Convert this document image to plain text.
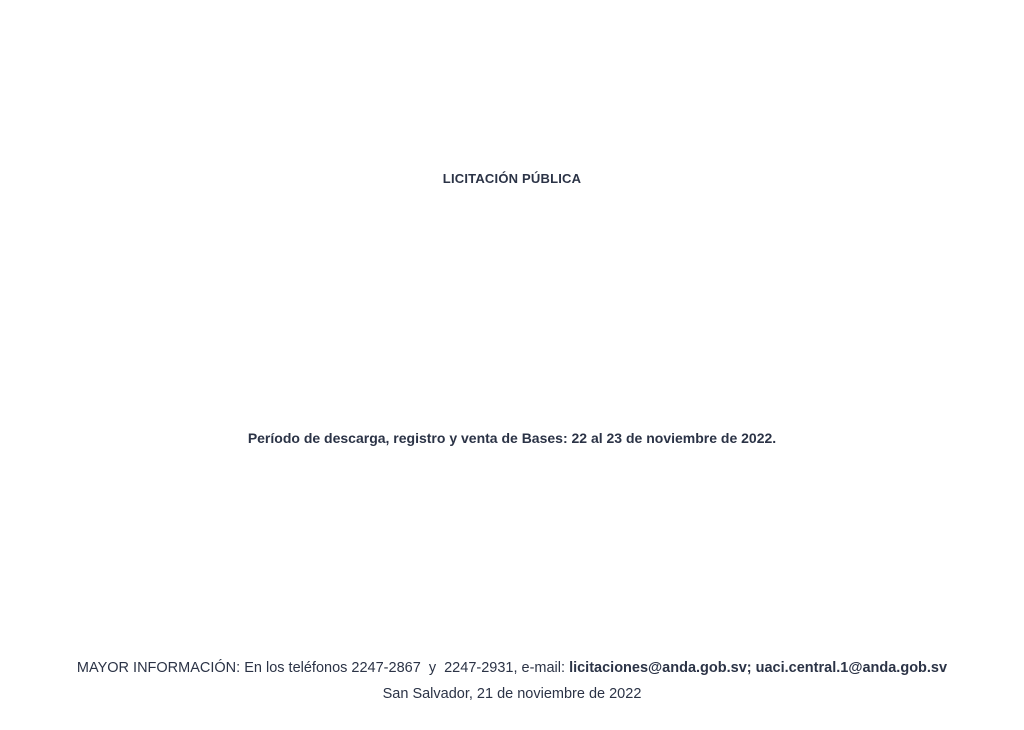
LICITACIÓN PÚBLICA
Período de descarga, registro y venta de Bases: 22 al 23 de noviembre de 2022.
MAYOR INFORMACIÓN: En los teléfonos 2247-2867  y  2247-2931, e-mail: licitaciones@anda.gob.sv; uaci.central.1@anda.gob.sv
San Salvador, 21 de noviembre de 2022
